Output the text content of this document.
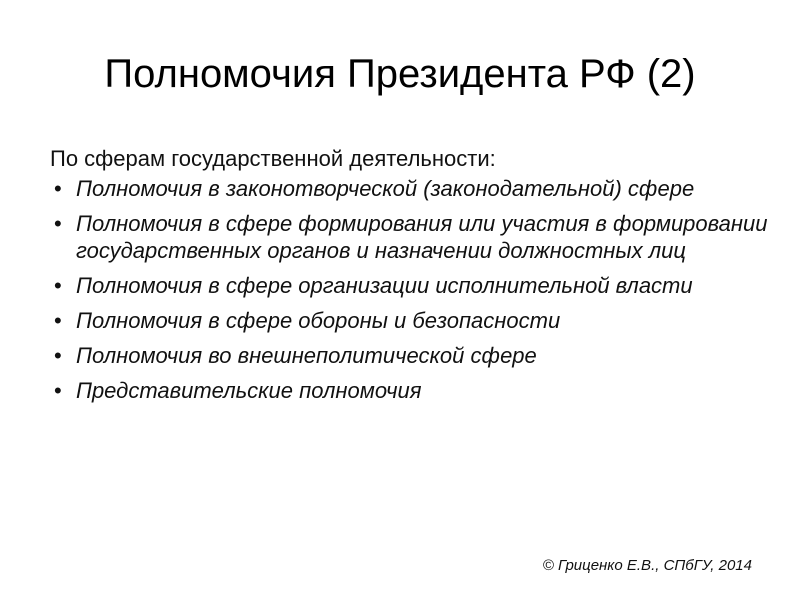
Полномочия Президента РФ (2)

По сферам государственной деятельности:

• Полномочия в законотворческой (законодательной) сфере
• Полномочия в сфере формирования или участия в формировании государственных органов и назначении должностных лиц
• Полномочия в сфере организации исполнительной власти
• Полномочия в сфере обороны и безопасности
• Полномочия во внешнеполитической сфере
• Представительские полномочия
© Гриценко Е.В., СПбГУ, 2014
